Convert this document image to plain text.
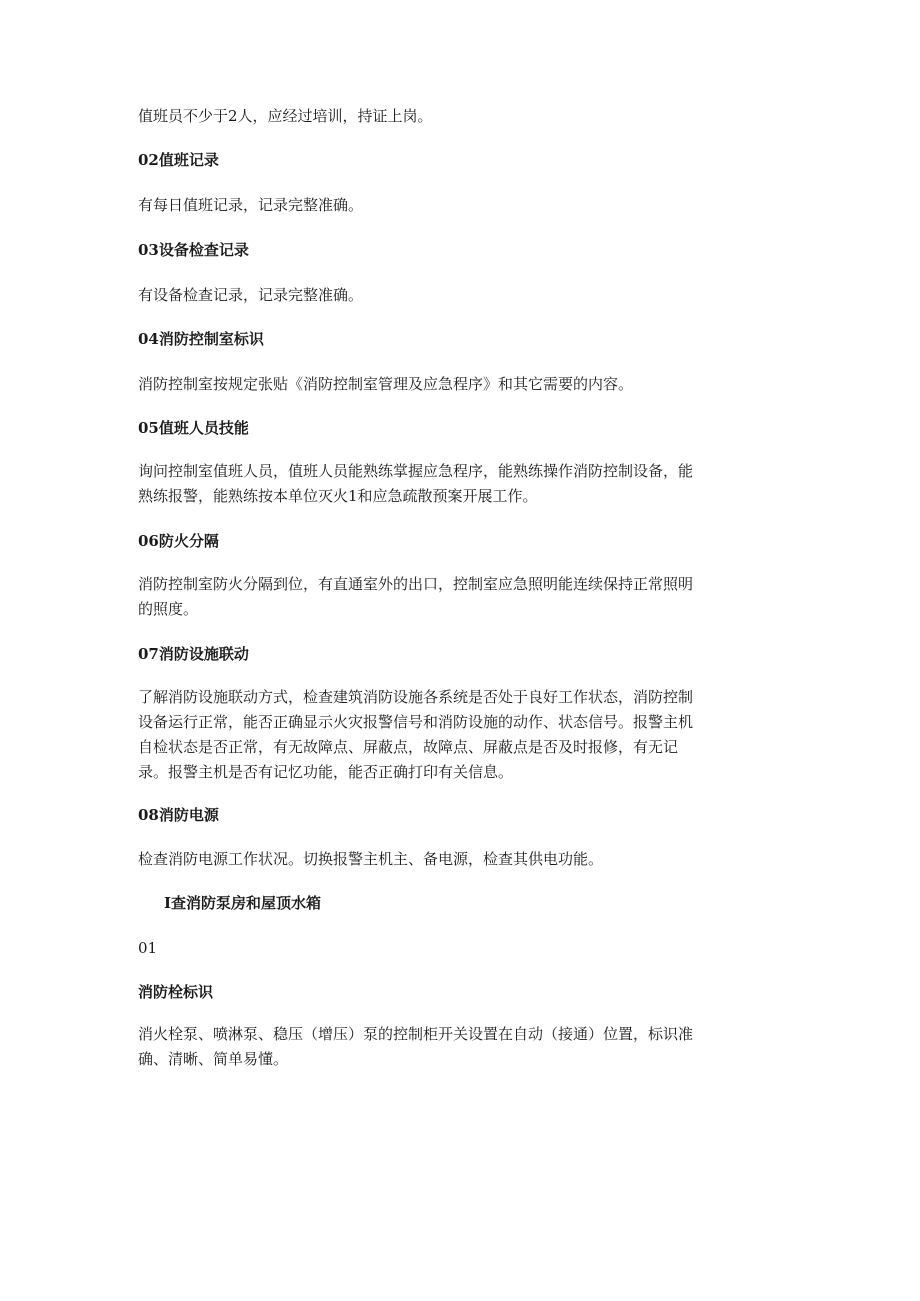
值班员不少于2人，应经过培训，持证上岗。
02值班记录
有每日值班记录，记录完整准确。
03设备检查记录
有设备检查记录，记录完整准确。
04消防控制室标识
消防控制室按规定张贴《消防控制室管理及应急程序》和其它需要的内容。
05值班人员技能
询问控制室值班人员，值班人员能熟练掌握应急程序，能熟练操作消防控制设备，能
熟练报警，能熟练按本单位灭火1和应急疏散预案开展工作。
06防火分隔
消防控制室防火分隔到位，有直通室外的出口，控制室应急照明能连续保持正常照明
的照度。
07消防设施联动
了解消防设施联动方式，检查建筑消防设施各系统是否处于良好工作状态，消防控制
设备运行正常，能否正确显示火灾报警信号和消防设施的动作、状态信号。报警主机
自检状态是否正常，有无故障点、屏蔽点，故障点、屏蔽点是否及时报修，有无记
录。报警主机是否有记忆功能，能否正确打印有关信息。
08消防电源
检查消防电源工作状况。切换报警主机主、备电源，检查其供电功能。
I查消防泵房和屋顶水箱
01
消防栓标识
消火栓泵、喷淋泵、稳压（增压）泵的控制柜开关设置在自动（接通）位置，标识准
确、清晰、简单易懂。
